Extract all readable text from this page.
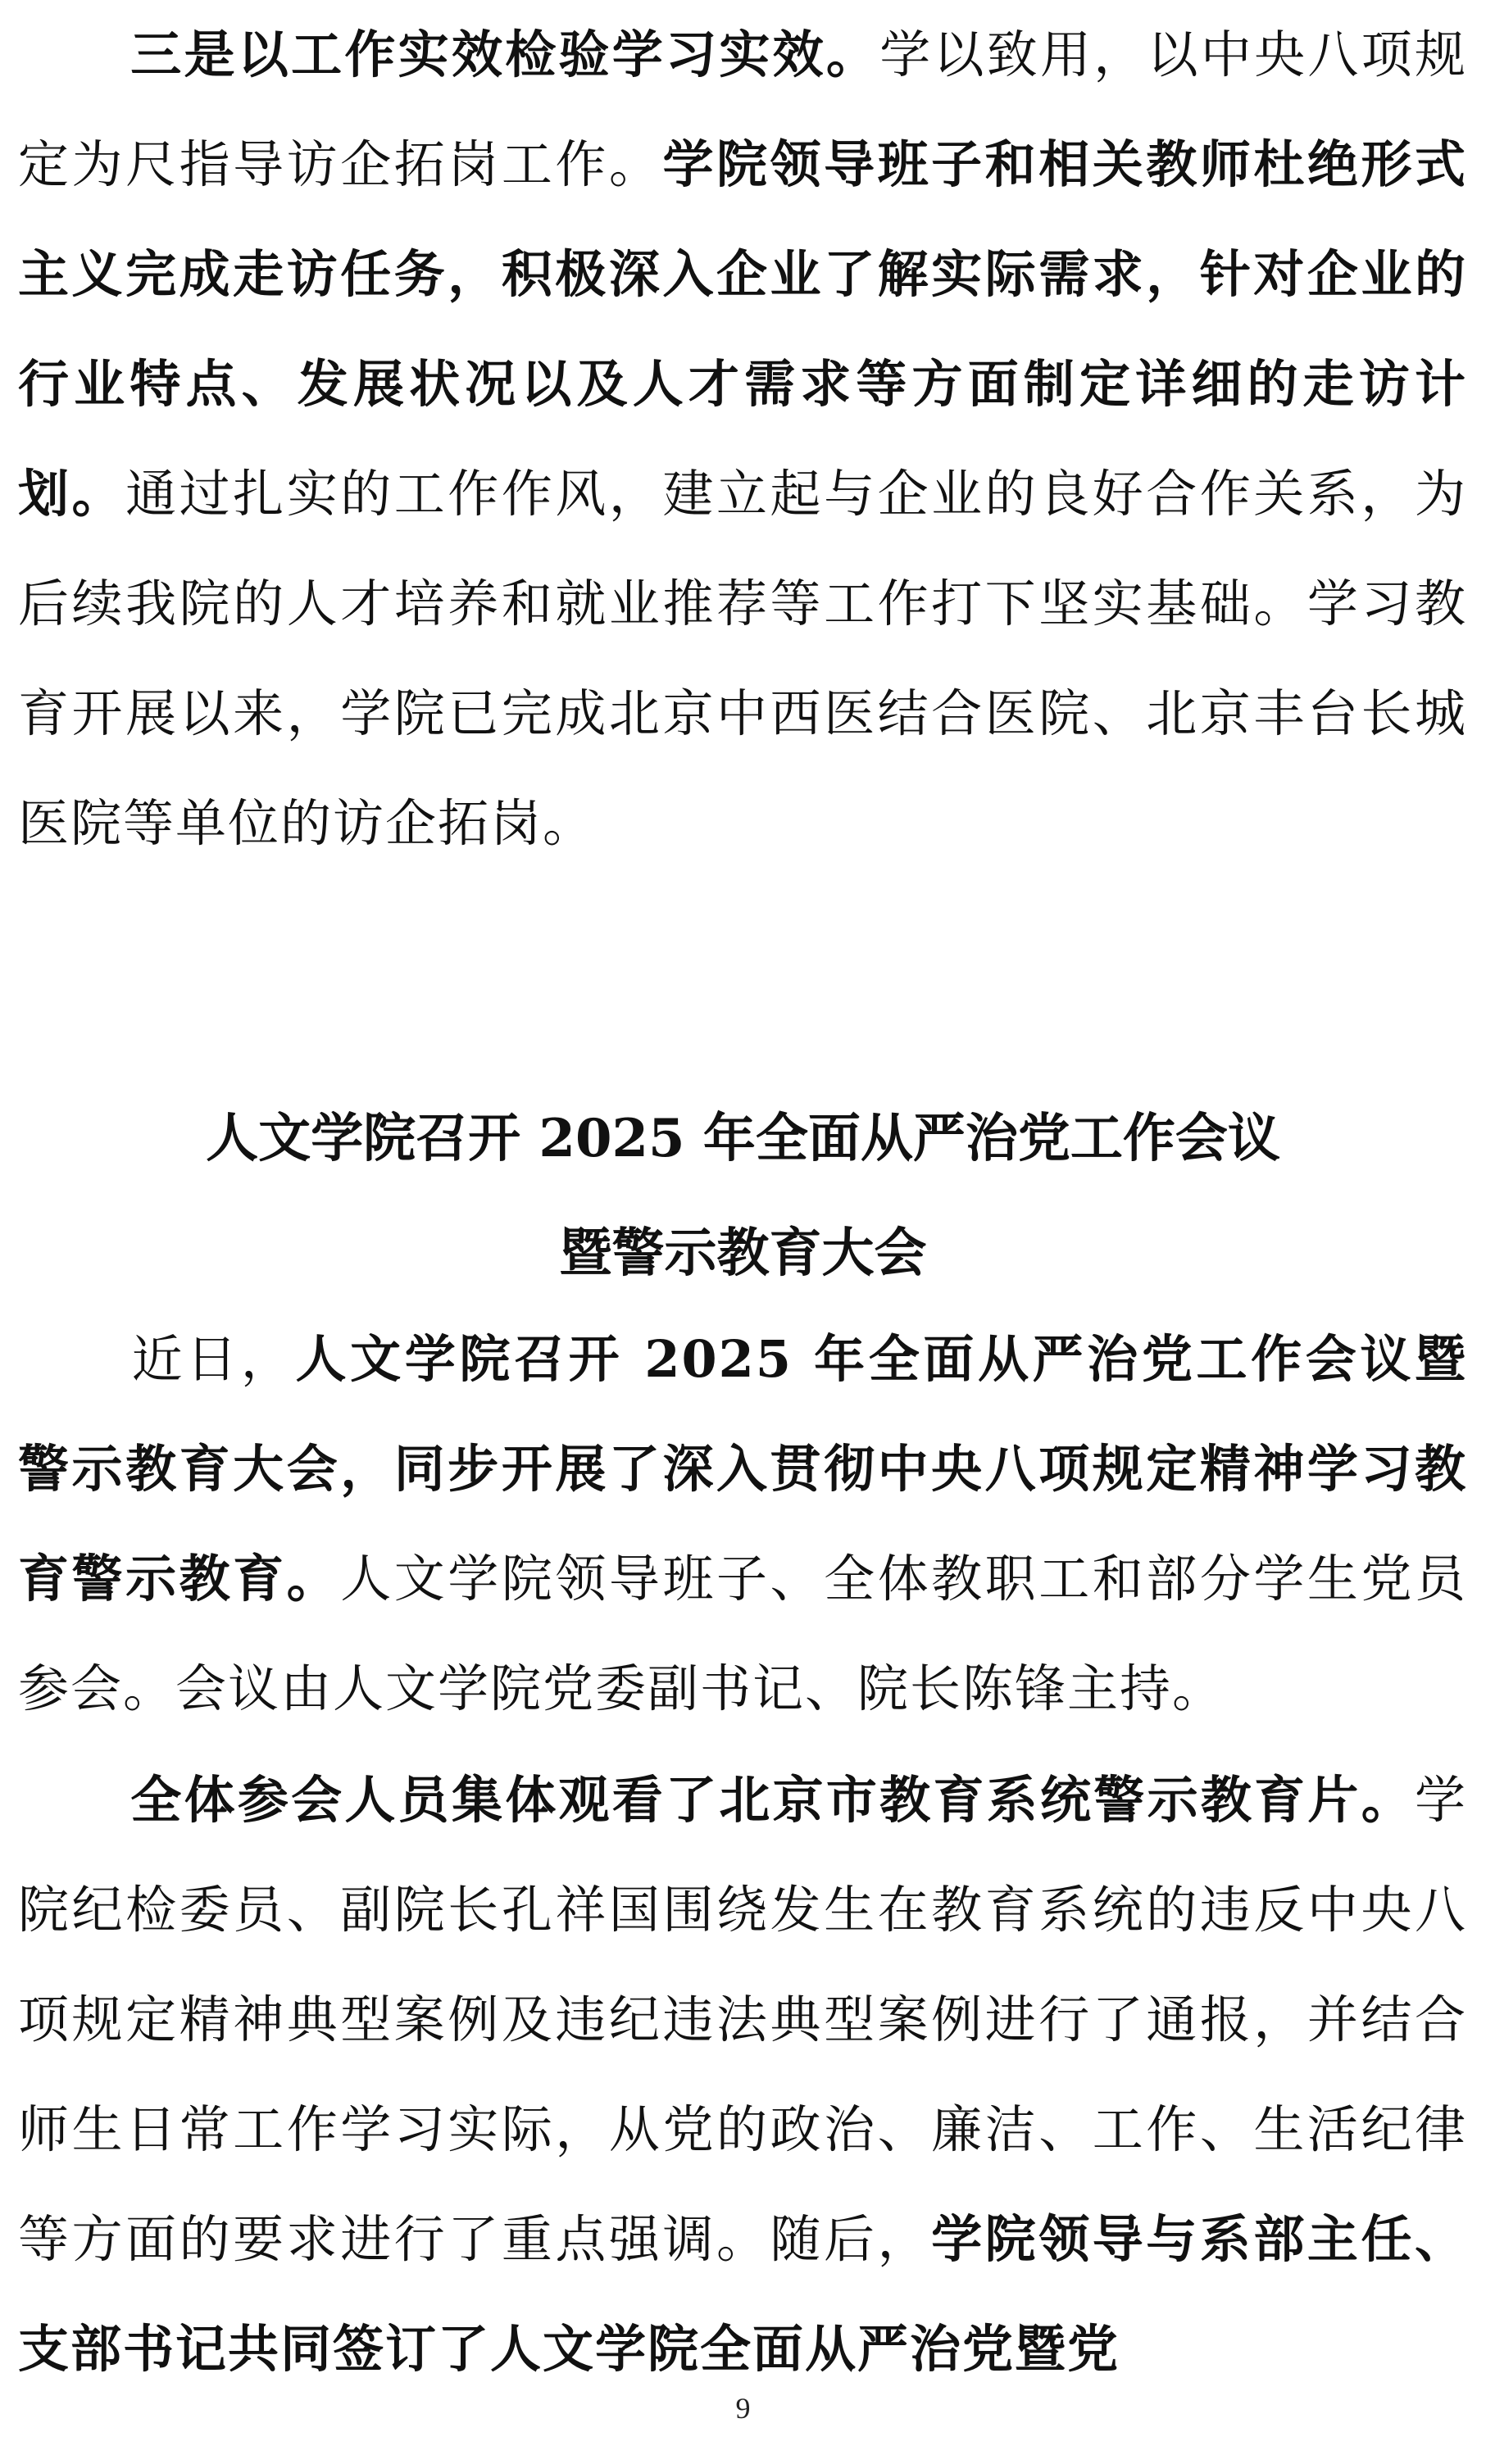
三是以工作实效检验学习实效。学以致用，以中央八项规定为尺指导访企拓岗工作。学院领导班子和相关教师杜绝形式主义完成走访任务，积极深入企业了解实际需求，针对企业的行业特点、发展状况以及人才需求等方面制定详细的走访计划。通过扎实的工作作风，建立起与企业的良好合作关系，为后续我院的人才培养和就业推荐等工作打下坚实基础。学习教育开展以来，学院已完成北京中西医结合医院、北京丰台长城医院等单位的访企拓岗。
人文学院召开 2025 年全面从严治党工作会议
暨警示教育大会
近日，人文学院召开 2025 年全面从严治党工作会议暨警示教育大会，同步开展了深入贯彻中央八项规定精神学习教育警示教育。人文学院领导班子、全体教职工和部分学生党员参会。会议由人文学院党委副书记、院长陈锋主持。
全体参会人员集体观看了北京市教育系统警示教育片。学院纪检委员、副院长孔祥国围绕发生在教育系统的违反中央八项规定精神典型案例及违纪违法典型案例进行了通报，并结合师生日常工作学习实际，从党的政治、廉洁、工作、生活纪律等方面的要求进行了重点强调。随后，学院领导与系部主任、支部书记共同签订了人文学院全面从严治党暨党
9
